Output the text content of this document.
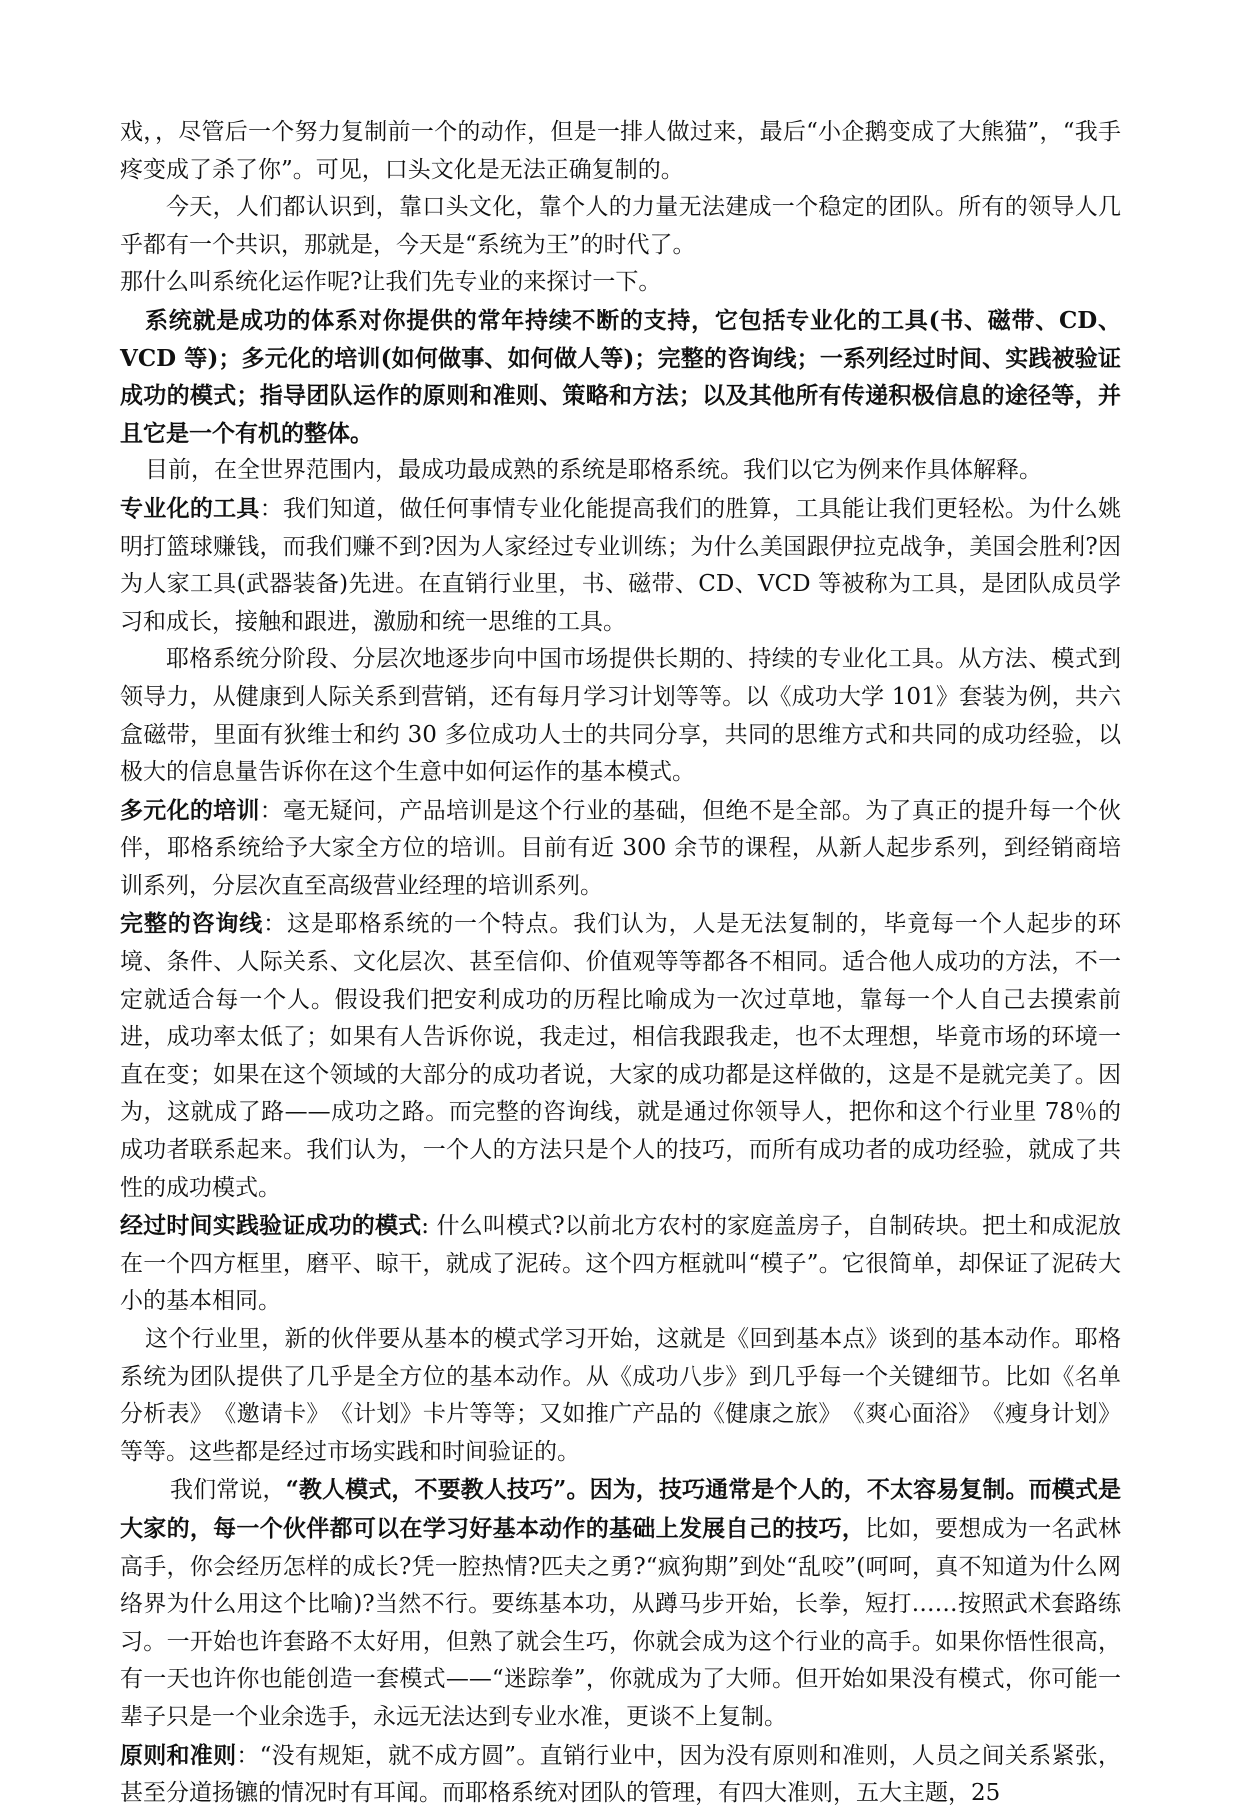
戏，，尽管后一个努力复制前一个的动作，但是一排人做过来，最后“小企鹅变成了大熊猫”，“我手疼变成了杀了你”。可见，口头文化是无法正确复制的。

今天，人们都认识到，靠口头文化，靠个人的力量无法建成一个稳定的团队。所有的领导人几乎都有一个共识，那就是，今天是“系统为王”的时代了。

那什么叫系统化运作呢?让我们先专业的来探讨一下。

系统就是成功的体系对你提供的常年持续不断的支持，它包括专业化的工具(书、磁带、CD、VCD 等)；多元化的培训(如何做事、如何做人等)；完整的咨询线；一系列经过时间、实践被验证成功的模式；指导团队运作的原则和准则、策略和方法；以及其他所有传递积极信息的途径等，并且它是一个有机的整体。

目前，在全世界范围内，最成功最成熟的系统是耶格系统。我们以它为例来作具体解释。

专业化的工具：我们知道，做任何事情专业化能提高我们的胜算，工具能让我们更轻松。为什么姚明打篮球赚钱，而我们赚不到?因为人家经过专业训练；为什么美国跟伊拉克战争，美国会胜利?因为人家工具(武器装备)先进。在直销行业里，书、磁带、CD、VCD 等被称为工具，是团队成员学习和成长，接触和跟进，激励和统一思维的工具。

耶格系统分阶段、分层次地逐步向中国市场提供长期的、持续的专业化工具。从方法、模式到领导力，从健康到人际关系到营销，还有每月学习计划等等。以《成功大学 101》套装为例，共六盒磁带，里面有狄维士和约 30 多位成功人士的共同分享，共同的思维方式和共同的成功经验，以极大的信息量告诉你在这个生意中如何运作的基本模式。

多元化的培训：毫无疑问，产品培训是这个行业的基础，但绝不是全部。为了真正的提升每一个伙伴，耶格系统给予大家全方位的培训。目前有近 300 余节的课程，从新人起步系列，到经销商培训系列，分层次直至高级营业经理的培训系列。

完整的咨询线：这是耶格系统的一个特点。我们认为，人是无法复制的，毕竟每一个人起步的环境、条件、人际关系、文化层次、甚至信仰、价值观等等都各不相同。适合他人成功的方法，不一定就适合每一个人。假设我们把安利成功的历程比喻成为一次过草地，靠每一个人自己去摸索前进，成功率太低了；如果有人告诉你说，我走过，相信我跟我走，也不太理想，毕竟市场的环境一直在变；如果在这个领域的大部分的成功者说，大家的成功都是这样做的，这是不是就完美了。因为，这就成了路——成功之路。而完整的咨询线，就是通过你领导人，把你和这个行业里 78％的成功者联系起来。我们认为，一个人的方法只是个人的技巧，而所有成功者的成功经验，就成了共性的成功模式。

经过时间实践验证成功的模式: 什么叫模式?以前北方农村的家庭盖房子，自制砖块。把土和成泥放在一个四方框里，磨平、晾干，就成了泥砖。这个四方框就叫“模子”。它很简单，却保证了泥砖大小的基本相同。

这个行业里，新的伙伴要从基本的模式学习开始，这就是《回到基本点》谈到的基本动作。耶格系统为团队提供了几乎是全方位的基本动作。从《成功八步》到几乎每一个关键细节。比如《名单分析表》　《邀请卡》　《计划》卡片等等；又如推广产品的《健康之旅》　《爽心面浴》　《瘦身计划》等等。这些都是经过市场实践和时间验证的。

我们常说，“教人模式，不要教人技巧”。因为，技巧通常是个人的，不太容易复制。而模式是大家的，每一个伙伴都可以在学习好基本动作的基础上发展自己的技巧，比如，要想成为一名武林高手，你会经历怎样的成长?凭一腔热情?匹夫之勇?“疯狗期”到处“乱咬”(呵呵，真不知道为什么网络界为什么用这个比喻)?当然不行。要练基本功，从蹲马步开始，长拳，短打……按照武术套路练习。一开始也许套路不太好用，但熟了就会生巧，你就会成为这个行业的高手。如果你悟性很高，有一天也许你也能创造一套模式——“迷踪拳”，你就成为了大师。但开始如果没有模式，你可能一辈子只是一个业余选手，永远无法达到专业水准，更谈不上复制。

原则和准则：“没有规矩，就不成方圆”。直销行业中，因为没有原则和准则，人员之间关系紧张，甚至分道扬镳的情况时有耳闻。而耶格系统对团队的管理，有四大准则，五大主题，25
